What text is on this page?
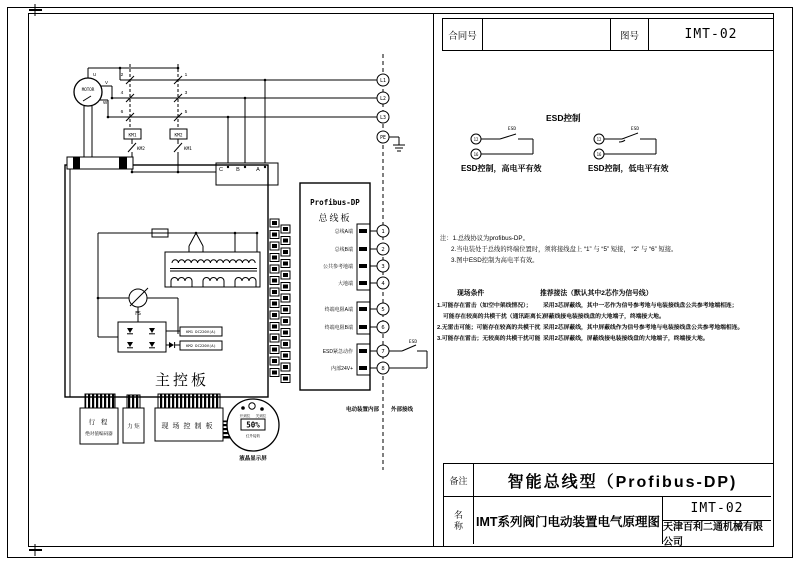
合同号	图号	IMT-02
ESD控制
ESD控制，高电平有效	ESD控制，低电平有效
注：1.总线协议为profibus-DP。
2.当电装处于总线的终端位置时，须将接线盘上 “1” 与 “5” 短接， “2” 与 “6” 短接。
3.图中ESD控制为高电平有效。
现场条件	推荐接法（默认其中2芯作为信号线）
1.可能存在雷击（如空中架线情况）； 采用3芯屏蔽线，其中一芯作为信号参考地与电装接线盘公共参考地端相连；
可能存在较高的共模干扰（通讯距离长）
屏蔽线接电装接线盘的大地端子，终端接大地。
2.无雷击可能；可能存在较高的共模干扰 采用2芯屏蔽线，其中屏蔽线作为信号参考地与电装接线盘公共参考地端相连。
3.可能存在雷击；无较高的共模干扰可能 采用2芯屏蔽线，屏蔽线接电装接线盘的大地端子，终端接大地。
备注	智能总线型（Profibus-DP)
名
称 IMT系列阀门电动装置电气原理图
IMT-02
天津百利二通机械有限公司
C B	A
MOTOR
U
V
W
2
4
6
1
3
5
KM1	KM2
KM2	KM1
主控板
FS
KM1 DC220V(A)
KM2 DC220V(A)
Profibus-DP
总线板
总线A端
总线B端
公共参考地端
大地端
终端电阻A端
终端电阻B端
ESD紧急动作
内部24V+
1
2
3
4
5
6
7
8
ESD
L1
L2
L3
PE
电动装置内部 外部接线
行 程
绝对值编码器
力 矩	现场控制板
开到位 关到位
50%
红外接收
液晶显示屏
12
16
ESD
12
16
ESD
